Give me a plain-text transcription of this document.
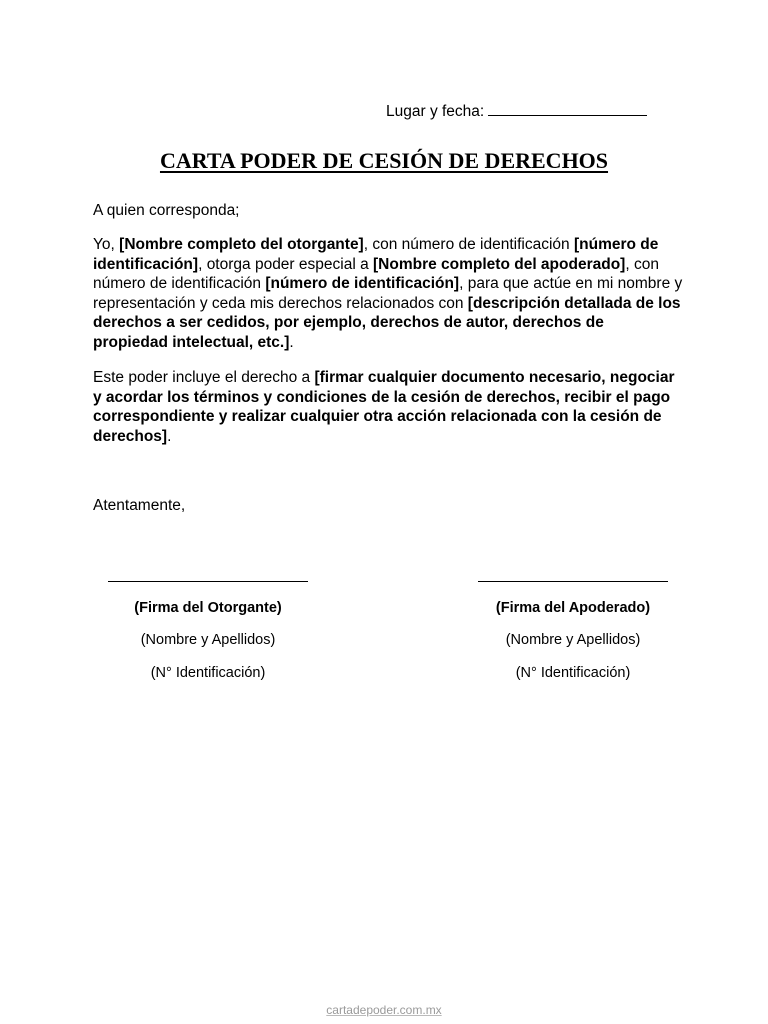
Lugar y fecha:
CARTA PODER DE CESIÓN DE DERECHOS

A quien corresponda;

Yo, [Nombre completo del otorgante], con número de identificación [número de identificación], otorga poder especial a [Nombre completo del apoderado], con número de identificación [número de identificación], para que actúe en mi nombre y representación y ceda mis derechos relacionados con [descripción detallada de los derechos a ser cedidos, por ejemplo, derechos de autor, derechos de propiedad intelectual, etc.].

Este poder incluye el derecho a [firmar cualquier documento necesario, negociar y acordar los términos y condiciones de la cesión de derechos, recibir el pago correspondiente y realizar cualquier otra acción relacionada con la cesión de derechos].

Atentamente,

(Firma del Otorgante)
(Nombre y Apellidos)
(N° Identificación)
(Firma del Apoderado)
(Nombre y Apellidos)
(N° Identificación)
cartadepoder.com.mx
